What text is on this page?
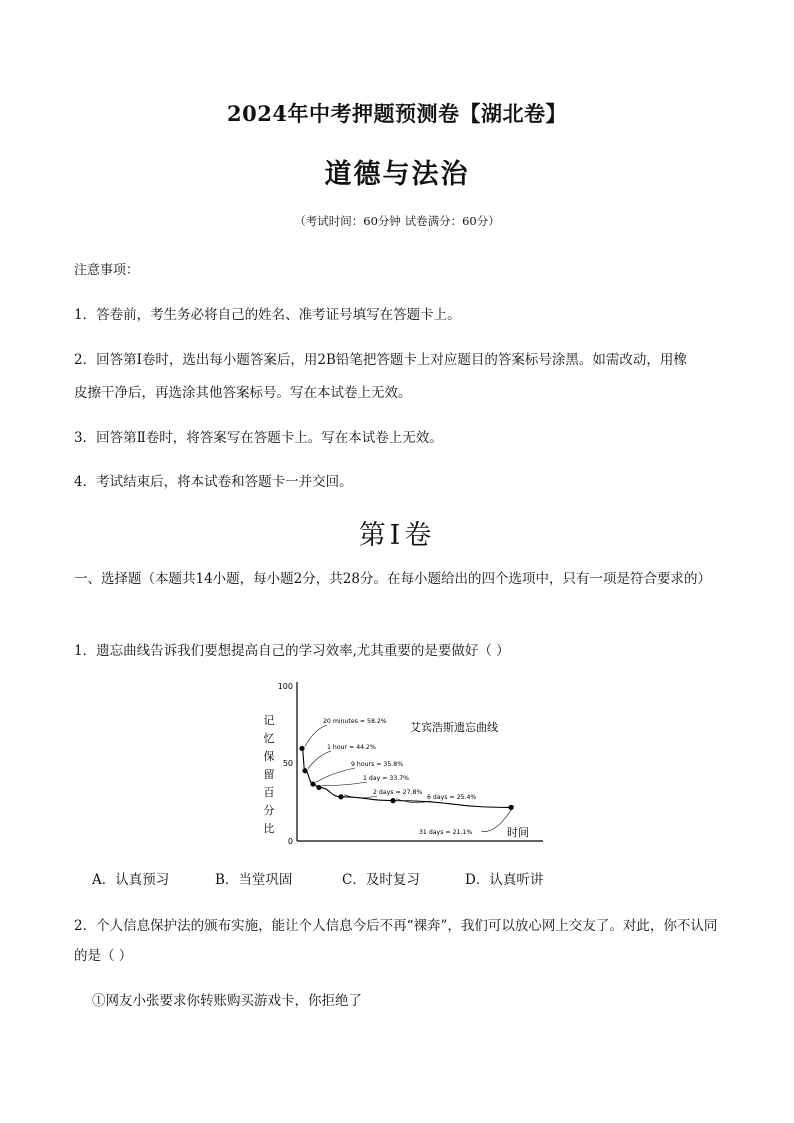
2024年中考押题预测卷【湖北卷】
道德与法治
（考试时间：60分钟 试卷满分：60分）
注意事项：
1．答卷前，考生务必将自己的姓名、准考证号填写在答题卡上。
2．回答第Ⅰ卷时，选出每小题答案后，用2B铅笔把答题卡上对应题目的答案标号涂黑。如需改动，用橡
皮擦干净后，再选涂其他答案标号。写在本试卷上无效。
3．回答第Ⅱ卷时，将答案写在答题卡上。写在本试卷上无效。
4．考试结束后，将本试卷和答题卡一并交回。
第Ⅰ卷
一、选择题（本题共14小题，每小题2分，共28分。在每小题给出的四个选项中，只有一项是符合要求的）
1．遗忘曲线告诉我们要想提高自己的学习效率,尤其重要的是要做好（ ）
100
50
0
记
忆
保
留
百
分
比	时间
艾宾浩斯遗忘曲线
20 minutes = 58.2%
1 hour = 44.2%
9 hours = 35.8%
1 day = 33.7%
2 days = 27.8%
6 days = 25.4%
31 days = 21.1%
A．认真预习	B．当堂巩固	C．及时复习	D．认真听讲
2．个人信息保护法的颁布实施，能让个人信息今后不再“裸奔”，我们可以放心网上交友了。对此，你不认同的是（ ）
①网友小张要求你转账购买游戏卡，你拒绝了
